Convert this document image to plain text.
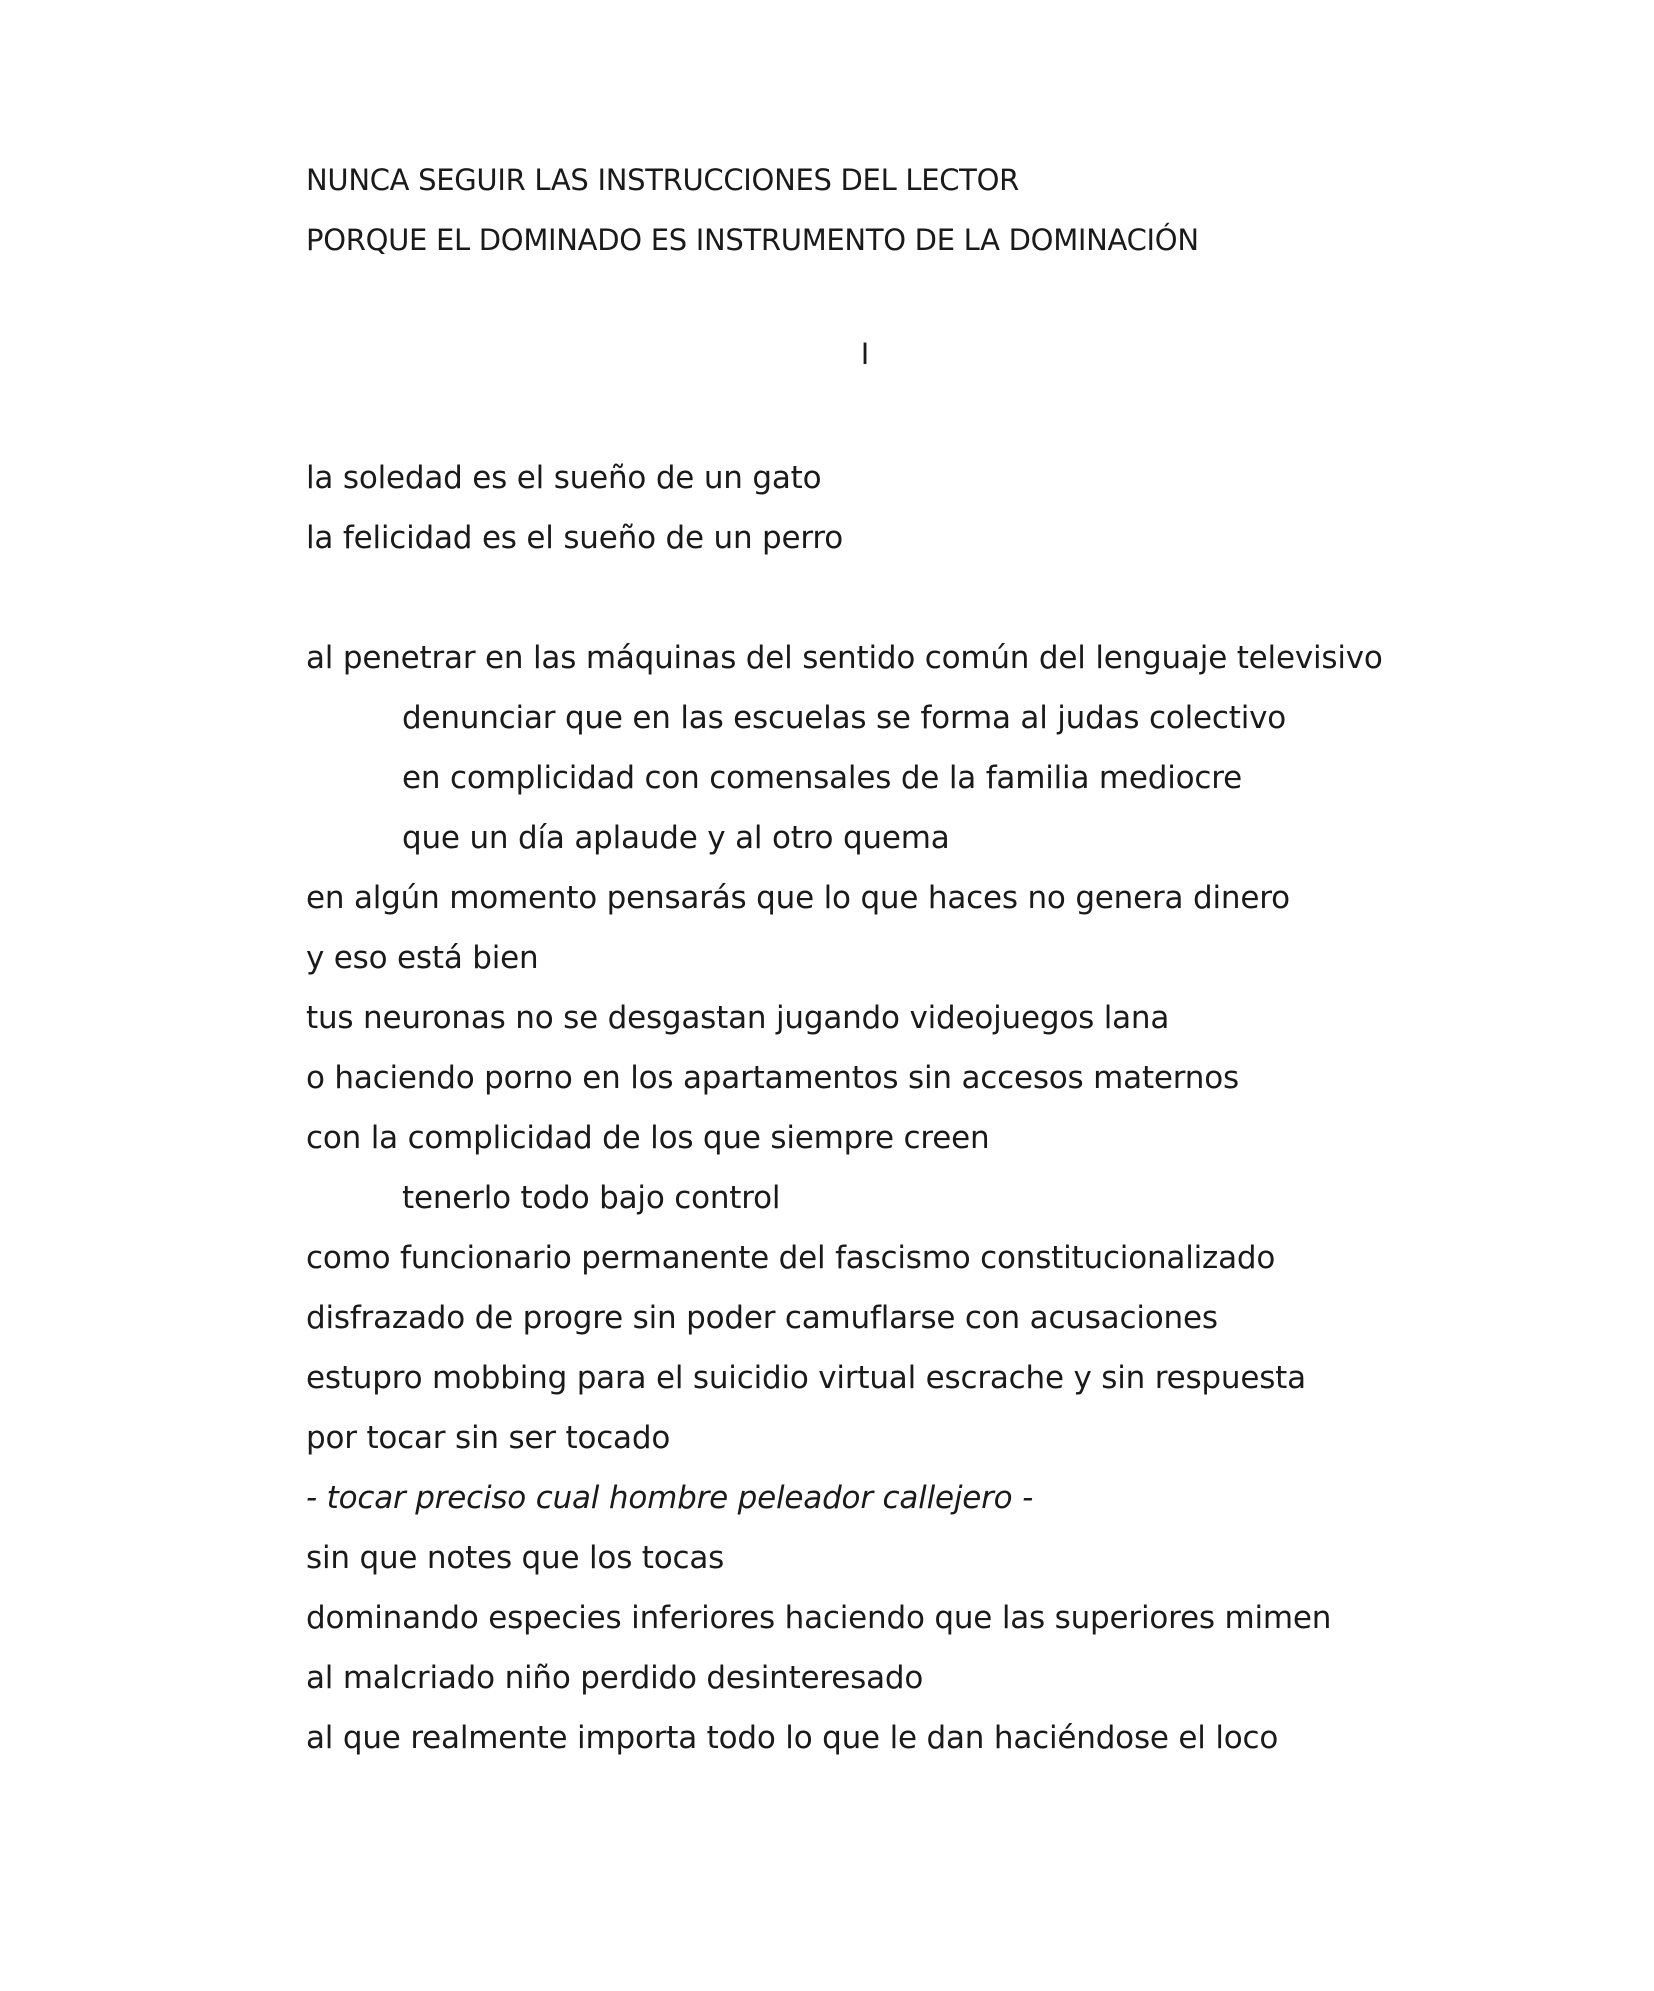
NUNCA SEGUIR LAS INSTRUCCIONES DEL LECTOR
PORQUE EL DOMINADO ES INSTRUMENTO DE LA DOMINACIÓN
I
la soledad es el sueño de un gato
la felicidad es el sueño de un perro
al penetrar en las máquinas del sentido común del lenguaje televisivo
denunciar que en las escuelas se forma al judas colectivo
en complicidad con comensales de la familia mediocre
que un día aplaude y al otro quema
en algún momento pensarás que lo que haces no genera dinero
y eso está bien
tus neuronas no se desgastan jugando videojuegos lana
o haciendo porno en los apartamentos sin accesos maternos
con la complicidad de los que siempre creen
tenerlo todo bajo control
como funcionario permanente del fascismo constitucionalizado
disfrazado de progre sin poder camuflarse con acusaciones
estupro mobbing para el suicidio virtual escrache y sin respuesta
por tocar sin ser tocado
- tocar preciso cual hombre peleador callejero -
sin que notes que los tocas
dominando especies inferiores haciendo que las superiores mimen
al malcriado niño perdido desinteresado
al que realmente importa todo lo que le dan haciéndose el loco
